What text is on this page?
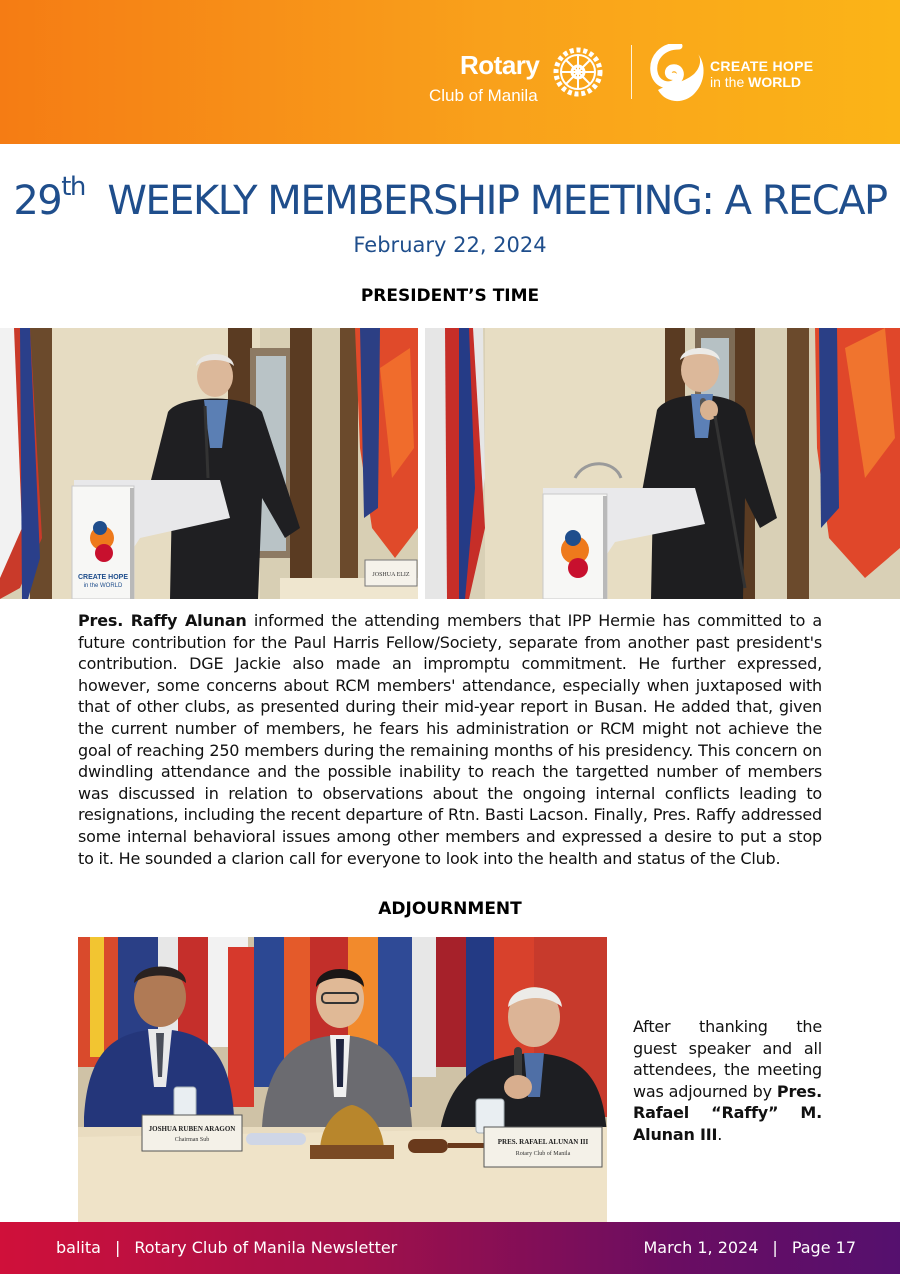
Rotary
Club of Manila
CREATE HOPE
in the WORLD
29th WEEKLY MEMBERSHIP MEETING: A RECAP
February 22, 2024
PRESIDENT’S TIME
CREATE HOPE
in the WORLD
JOSHUA ELIZ
Pres. Raffy Alunan informed the attending members that IPP Hermie has committed to a future contribution for the Paul Harris Fellow/Society, separate from another past president's contribution. DGE Jackie also made an impromptu commitment. He further expressed, however, some concerns about RCM members' attendance, especially when juxtaposed with that of other clubs, as presented during their mid-year report in Busan. He added that, given the current number of members, he fears his administration or RCM might not achieve the goal of reaching 250 members during the remaining months of his presidency. This concern on dwindling attendance and the possible inability to reach the targetted number of members was discussed in relation to observations about the ongoing internal conflicts leading to resignations, including the recent departure of Rtn. Basti Lacson. Finally, Pres. Raffy addressed some internal behavioral issues among other members and expressed a desire to put a stop to it. He sounded a clarion call for everyone to look into the health and status of the Club.
ADJOURNMENT
JOSHUA RUBEN ARAGON
Chairman Sub	PRES. RAFAEL ALUNAN III
Rotary Club of Manila
After thanking the guest speaker and all attendees, the meeting was adjourned by Pres. Rafael “Raffy” M. Alunan III.
balita | Rotary Club of Manila Newsletter	March 1, 2024 | Page 17
